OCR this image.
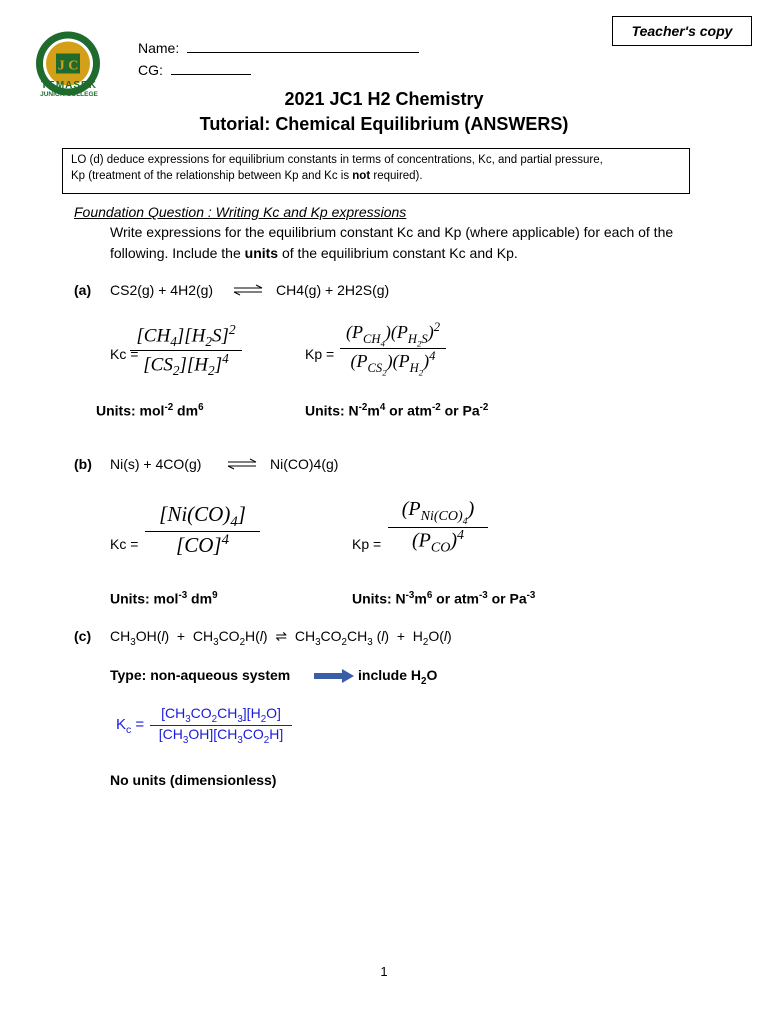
J C
TEMASEK
JUNIOR COLLEGE
Teacher's copy
Name:
CG:
2021 JC1 H2 Chemistry
Tutorial: Chemical Equilibrium (ANSWERS)
LO (d) deduce expressions for equilibrium constants in terms of concentrations, Kc, and partial pressure,
Kp (treatment of the relationship between Kp and Kc is not required).
Foundation Question : Writing Kc and Kp expressions
Write expressions for the equilibrium constant Kc and Kp (where applicable) for each of the following. Include the units of the equilibrium constant Kc and Kp.
(a) CS2(g) + 4H2(g) ⇌ CH4(g) + 2H2S(g)
Kc =
$[CH_4][H_2S]^2$
$[CS_2][H_2]^4$	Kp =
$(P_{CH_4})(P_{H_2S})^2$
$(P_{CS_2})(P_{H_2})^4$
Units: mol$^{-2}$ $dm^6$	Units: $N^{-2}m^4$ or atm$^{-2}$ or $Pa^{-2}$
(b) Ni(s) + 4CO(g) ⇌ Ni(CO)4(g)
Kc =
$[Ni(CO)_4]$
[CO]$^4$	Kp =
$(P_{Ni(CO)_4})$
$(P_{CO})^4$
Units: mol$^{-3}$ $dm^9$	Units: $N^{-3}m^6$ or atm$^{-3}$ or $Pa^{-3}$
(c) $CH_3OH(l) + CH_3CO_2H(l)$  ⇌  $CH_3CO_2CH_3$ $(l) + H_2O(l)$
Type: non-aqueous system	include $H_2O$
$K_c$ =
$[CH_3CO_2CH_3][H_2O]$
$[CH_3OH][CH_3CO_2H]$
No units (dimensionless)
1
